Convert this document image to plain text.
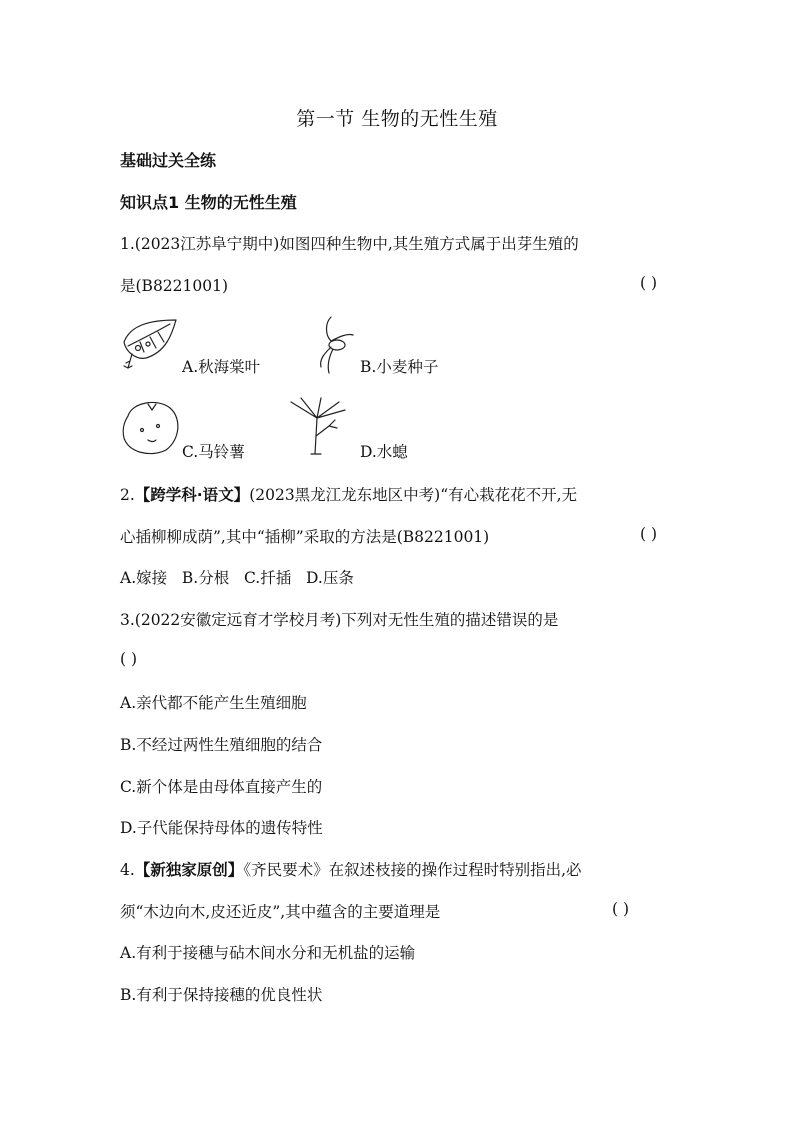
第一节 生物的无性生殖
基础过关全练
知识点1 生物的无性生殖
1.(2023江苏阜宁期中)如图四种生物中,其生殖方式属于出芽生殖的
是(B8221001)	( )
A.秋海棠叶	B.小麦种子
C.马铃薯	D.水螅
2.【跨学科·语文】(2023黑龙江龙东地区中考)“有心栽花花不开,无
心插柳柳成荫”,其中“插柳”采取的方法是(B8221001)	( )
A.嫁接   B.分根   C.扦插   D.压条
3.(2022安徽定远育才学校月考)下列对无性生殖的描述错误的是
( )
A.亲代都不能产生生殖细胞
B.不经过两性生殖细胞的结合
C.新个体是由母体直接产生的
D.子代能保持母体的遗传特性
4.【新独家原创】《齐民要术》在叙述枝接的操作过程时特别指出,必
须“木边向木,皮还近皮”,其中蕴含的主要道理是	( )
A.有利于接穗与砧木间水分和无机盐的运输
B.有利于保持接穗的优良性状
